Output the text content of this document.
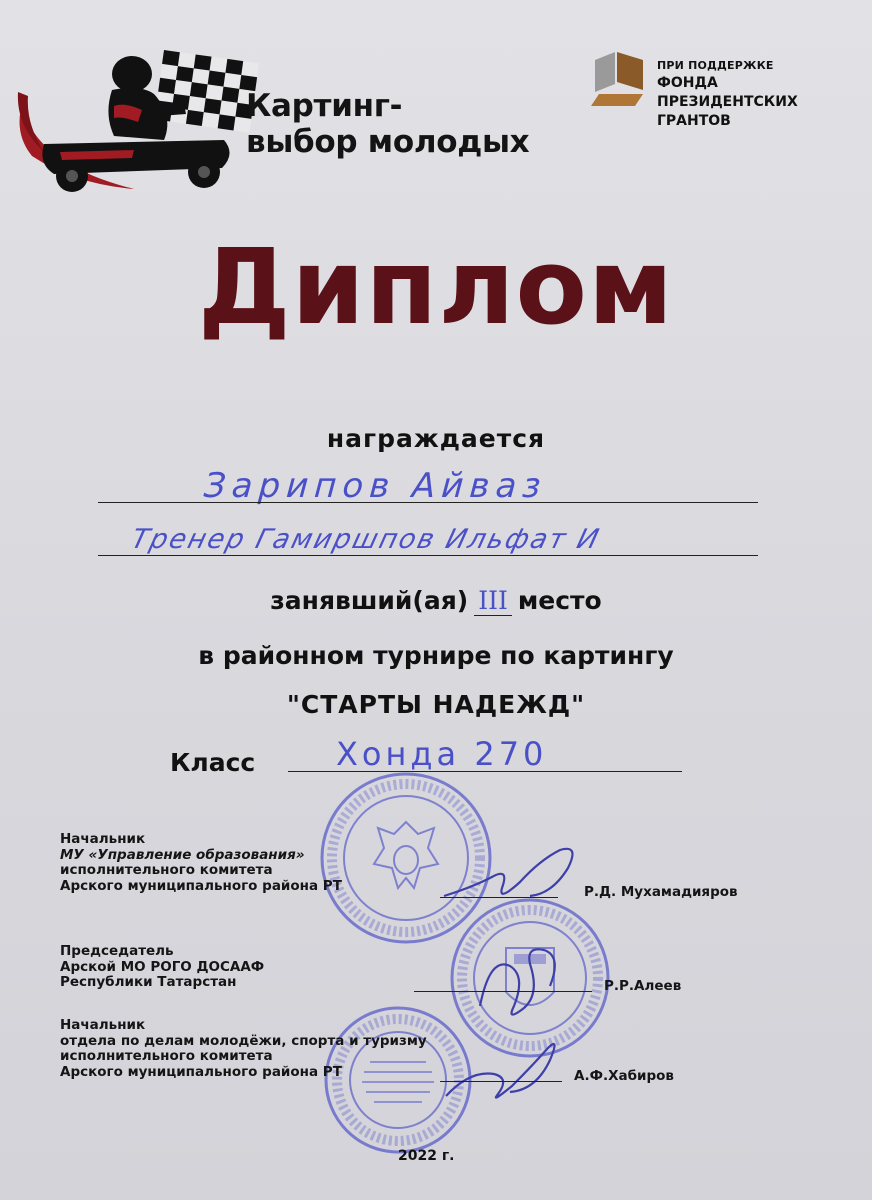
Картинг-
выбор молодых
ПРИ ПОДДЕРЖКЕ
ФОНДА
ПРЕЗИДЕНТСКИХ
ГРАНТОВ
Диплом
награждается
Зарипов Айваз
Тренер Гамиршпов Ильфат И
занявший(ая) III место
в районном турнире по картингу
"СТАРТЫ НАДЕЖД"
Класс	Хонда 270
Начальник
МУ «Управление образования»
исполнительного комитета
Арского муниципального района РТ	Р.Д. Мухамадияров
Председатель
Арской МО РОГО ДОСААФ
Республики Татарстан	Р.Р.Алеев
Начальник
отдела по делам молодёжи, спорта и туризму
исполнительного комитета
Арского муниципального района РТ	А.Ф.Хабиров
2022 г.
